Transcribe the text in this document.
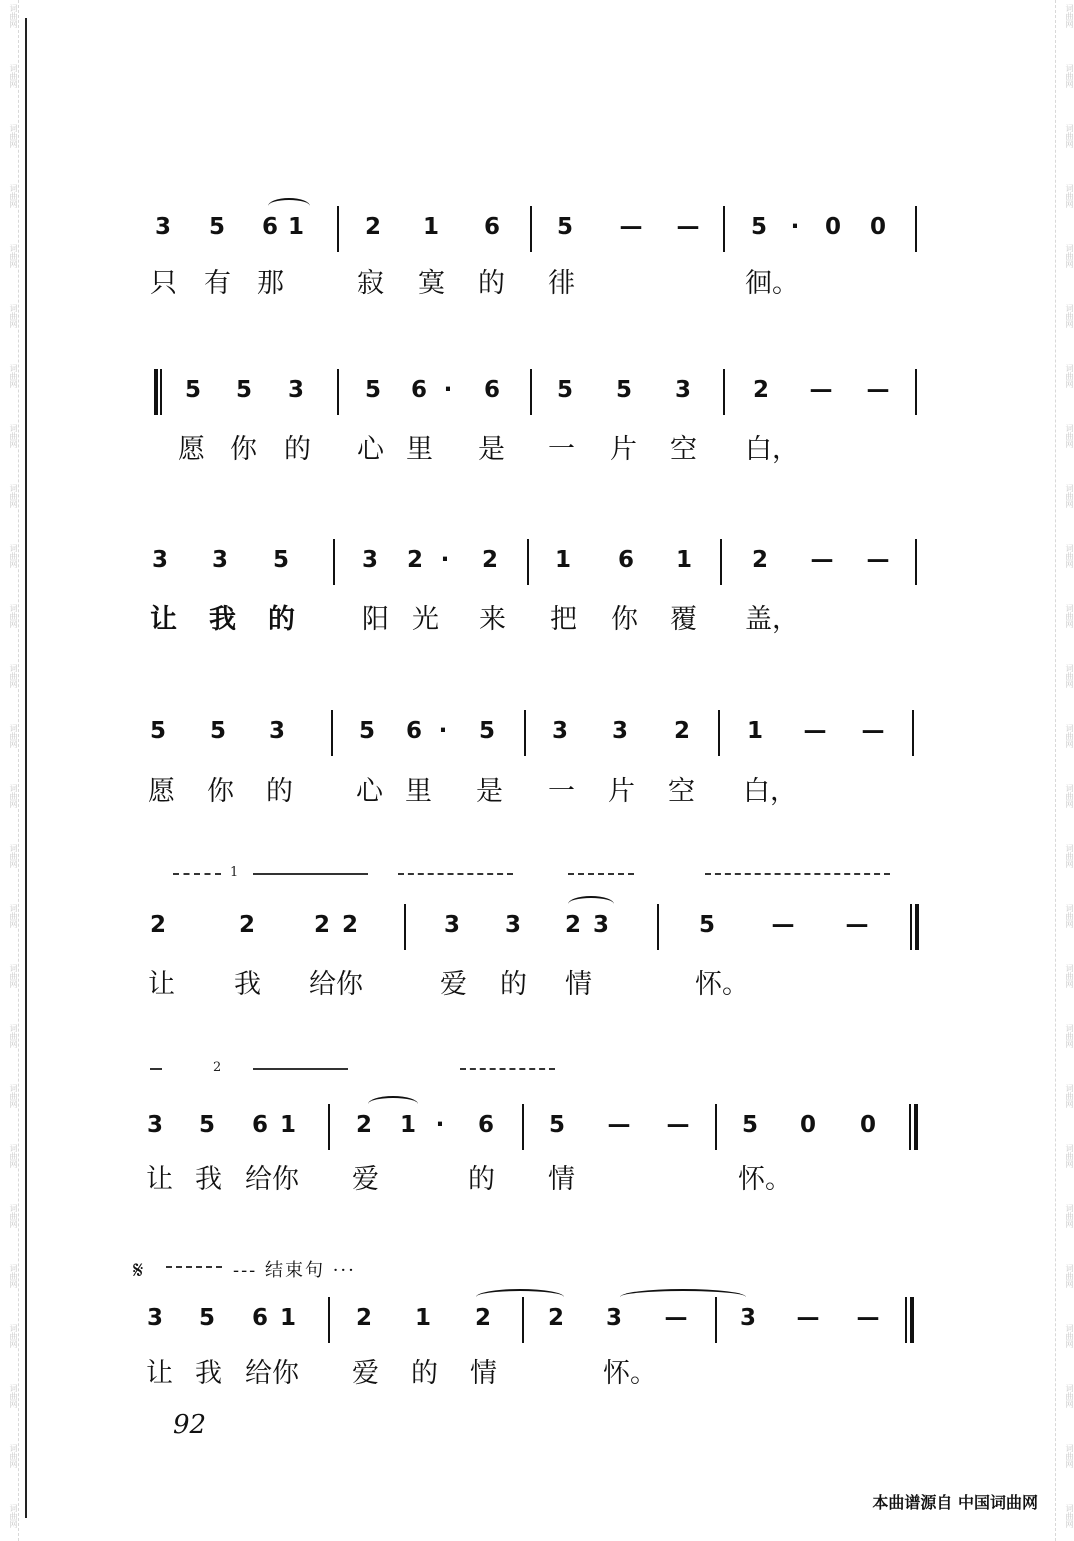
词曲网
词曲网
词曲网
词曲网
词曲网
词曲网
词曲网
词曲网
词曲网
词曲网
词曲网
词曲网
词曲网
词曲网
词曲网
词曲网
词曲网
词曲网
词曲网
词曲网
词曲网
词曲网
词曲网
词曲网
词曲网
词曲网
词曲网
词曲网
词曲网
词曲网
词曲网
词曲网
词曲网
词曲网
词曲网
词曲网
词曲网
词曲网
词曲网
词曲网
词曲网
词曲网
词曲网
词曲网
词曲网
词曲网
词曲网
词曲网
词曲网
词曲网
词曲网
词曲网
3	5	6 1	2	1	6	5	— —	5	·	0	0
只 有 那	寂 寞 的 徘	徊。
5	5	3	5	6 ·	6	5	5	3	2	— —
愿 你 的 心 里 是 一 片 空 白，
3	3	5	3	2 ·	2	1	6	1	2	— —
让 我 的 阳 光 来 把 你 覆 盖，
5	5	3	5	6 ·	5	3	3	2	1	— —
愿 你 的 心 里 是 一 片 空 白，
2	2	2 2	3	3	2 3	5	— —
让 我 给你	爱 的 情	怀。
3	5	6 1	2	1 ·	6	5	— —	5	0	0
让 我 给你 爱	的 情	怀。
3	5	6 1	2	1	2	2	3	—	3	— —
让 我 给你 爱 的 情	怀。
1
2
𝄋	--- 结束句 ···
92
本曲谱源自 中国词曲网
